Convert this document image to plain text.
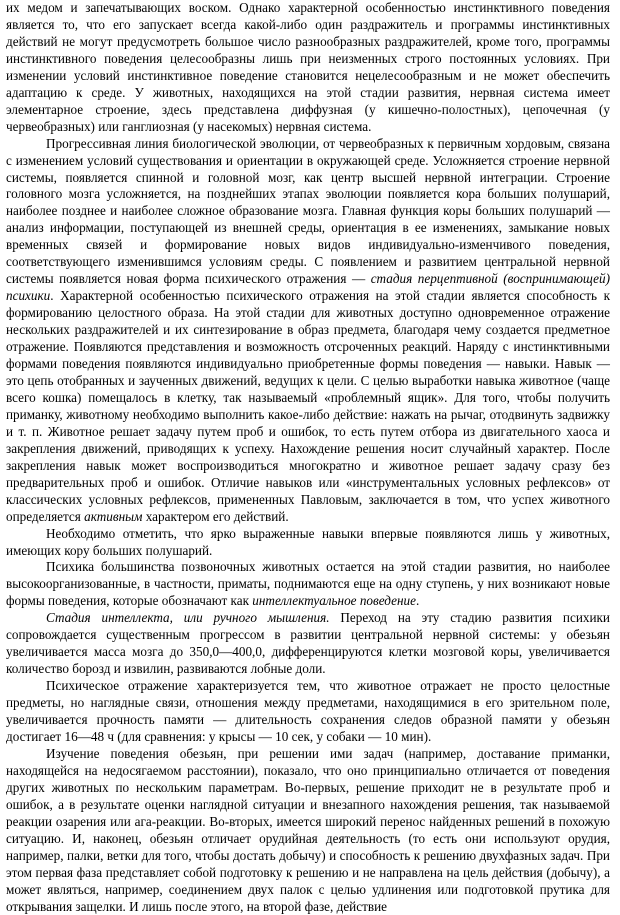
их медом и запечатывающих воском. Однако характерной особенностью инстинктивного поведения является то, что его запускает всегда какой-либо один раздражитель и программы инстинктивных действий не могут предусмотреть большое число разнообразных раздражителей, кроме того, программы инстинктивного поведения целесообразны лишь при неизменных строго постоянных условиях. При изменении условий инстинктивное поведение становится нецелесообразным и не может обеспечить адаптацию к среде. У животных, находящихся на этой стадии развития, нервная система имеет элементарное строение, здесь представлена диффузная (у кишечно-полостных), цепочечная (у червеобразных) или ганглиозная (у насекомых) нервная система.

Прогрессивная линия биологической эволюции, от червеобразных к первичным хордовым, связана с изменением условий существования и ориентации в окружающей среде. Усложняется строение нервной системы, появляется спинной и головной мозг, как центр высшей нервной интеграции. Строение головного мозга усложняется, на позднейших этапах эволюции появляется кора больших полушарий, наиболее позднее и наиболее сложное образование мозга. Главная функция коры больших полушарий — анализ информации, поступающей из внешней среды, ориентация в ее изменениях, замыкание новых временных связей и формирование новых видов индивидуально-изменчивого поведения, соответствующего изменившимся условиям среды. С появлением и развитием центральной нервной системы появляется новая форма психического отражения — стадия перцептивной (воспринимающей) психики. Характерной особенностью психического отражения на этой стадии является способность к формированию целостного образа. На этой стадии для животных доступно одновременное отражение нескольких раздражителей и их синтезирование в образ предмета, благодаря чему создается предметное отражение. Появляются представления и возможность отсроченных реакций. Наряду с инстинктивными формами поведения появляются индивидуально приобретенные формы поведения — навыки. Навык — это цепь отобранных и заученных движений, ведущих к цели. С целью выработки навыка животное (чаще всего кошка) помещалось в клетку, так называемый «проблемный ящик». Для того, чтобы получить приманку, животному необходимо выполнить какое-либо действие: нажать на рычаг, отодвинуть задвижку и т. п. Животное решает задачу путем проб и ошибок, то есть путем отбора из двигательного хаоса и закрепления движений, приводящих к успеху. Нахождение решения носит случайный характер. После закрепления навык может воспроизводиться многократно и животное решает задачу сразу без предварительных проб и ошибок. Отличие навыков или «инструментальных условных рефлексов» от классических условных рефлексов, примененных Павловым, заключается в том, что успех животного определяется активным характером его действий.

Необходимо отметить, что ярко выраженные навыки впервые появляются лишь у животных, имеющих кору больших полушарий.

Психика большинства позвоночных животных остается на этой стадии развития, но наиболее высокоорганизованные, в частности, приматы, поднимаются еще на одну ступень, у них возникают новые формы поведения, которые обозначают как интеллектуальное поведение.

Стадия интеллекта, или ручного мышления. Переход на эту стадию развития психики сопровождается существенным прогрессом в развитии центральной нервной системы: у обезьян увеличивается масса мозга до 350,0—400,0, дифференцируются клетки мозговой коры, увеличивается количество борозд и извилин, развиваются лобные доли.

Психическое отражение характеризуется тем, что животное отражает не просто целостные предметы, но наглядные связи, отношения между предметами, находящимися в его зрительном поле, увеличивается прочность памяти — длительность сохранения следов образной памяти у обезьян достигает 16—48 ч (для сравнения: у крысы — 10 сек, у собаки — 10 мин).

Изучение поведения обезьян, при решении ими задач (например, доставание приманки, находящейся на недосягаемом расстоянии), показало, что оно принципиально отличается от поведения других животных по нескольким параметрам. Во-первых, решение приходит не в результате проб и ошибок, а в результате оценки наглядной ситуации и внезапного нахождения решения, так называемой реакции озарения или ага-реакции. Во-вторых, имеется широкий перенос найденных решений в похожую ситуацию. И, наконец, обезьян отличает орудийная деятельность (то есть они используют орудия, например, палки, ветки для того, чтобы достать добычу) и способность к решению двухфазных задач. При этом первая фаза представляет собой подготовку к решению и не направлена на цель действия (добычу), а может являться, например, соединением двух палок с целью удлинения или подготовкой прутика для открывания защелки. И лишь после этого, на второй фазе, действие
